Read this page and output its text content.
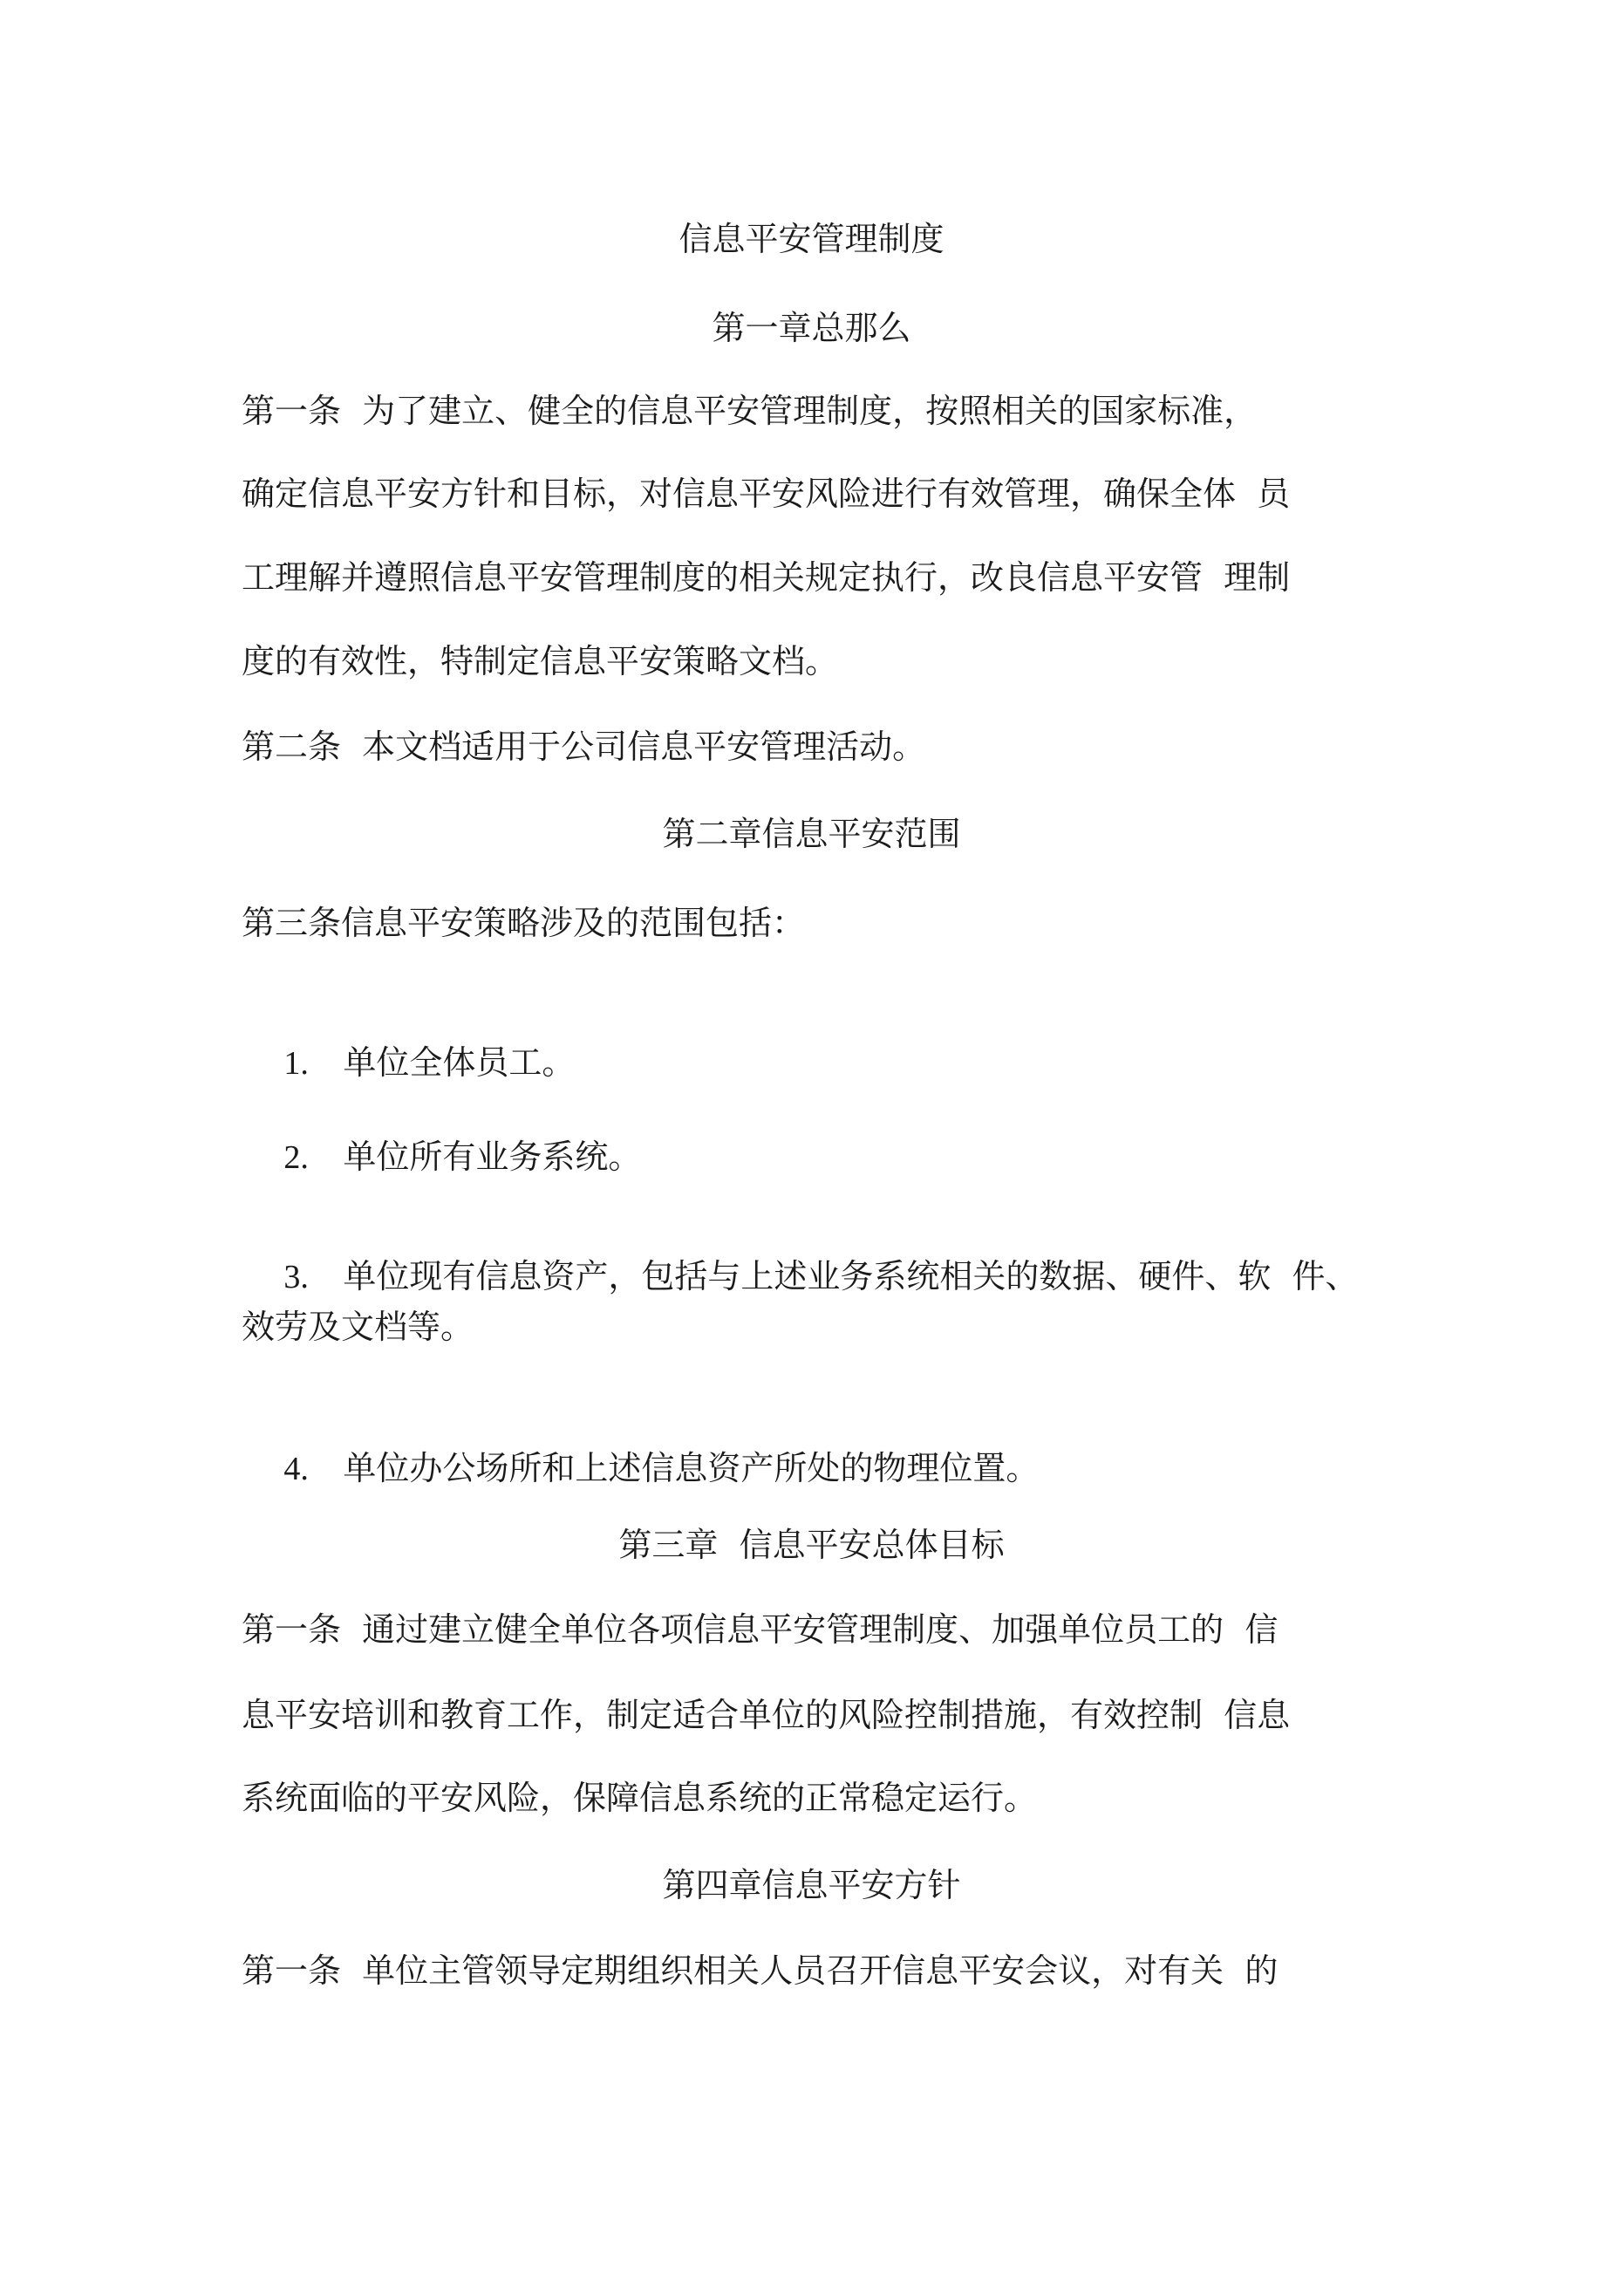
信息平安管理制度
第一章总那么
第一条  为了建立、健全的信息平安管理制度，按照相关的国家标准，
确定信息平安方针和目标，对信息平安风险进行有效管理，确保全体  员
工理解并遵照信息平安管理制度的相关规定执行，改良信息平安管  理制
度的有效性，特制定信息平安策略文档。
第二条  本文档适用于公司信息平安管理活动。
第二章信息平安范围
第三条信息平安策略涉及的范围包括：

1. 单位全体员工。

2. 单位所有业务系统。

3. 单位现有信息资产，包括与上述业务系统相关的数据、硬件、软  件、

效劳及文档等。

4. 单位办公场所和上述信息资产所处的物理位置。

第三章  信息平安总体目标
第一条  通过建立健全单位各项信息平安管理制度、加强单位员工的  信
息平安培训和教育工作，制定适合单位的风险控制措施，有效控制  信息
系统面临的平安风险，保障信息系统的正常稳定运行。
第四章信息平安方针
第一条  单位主管领导定期组织相关人员召开信息平安会议，对有关  的
